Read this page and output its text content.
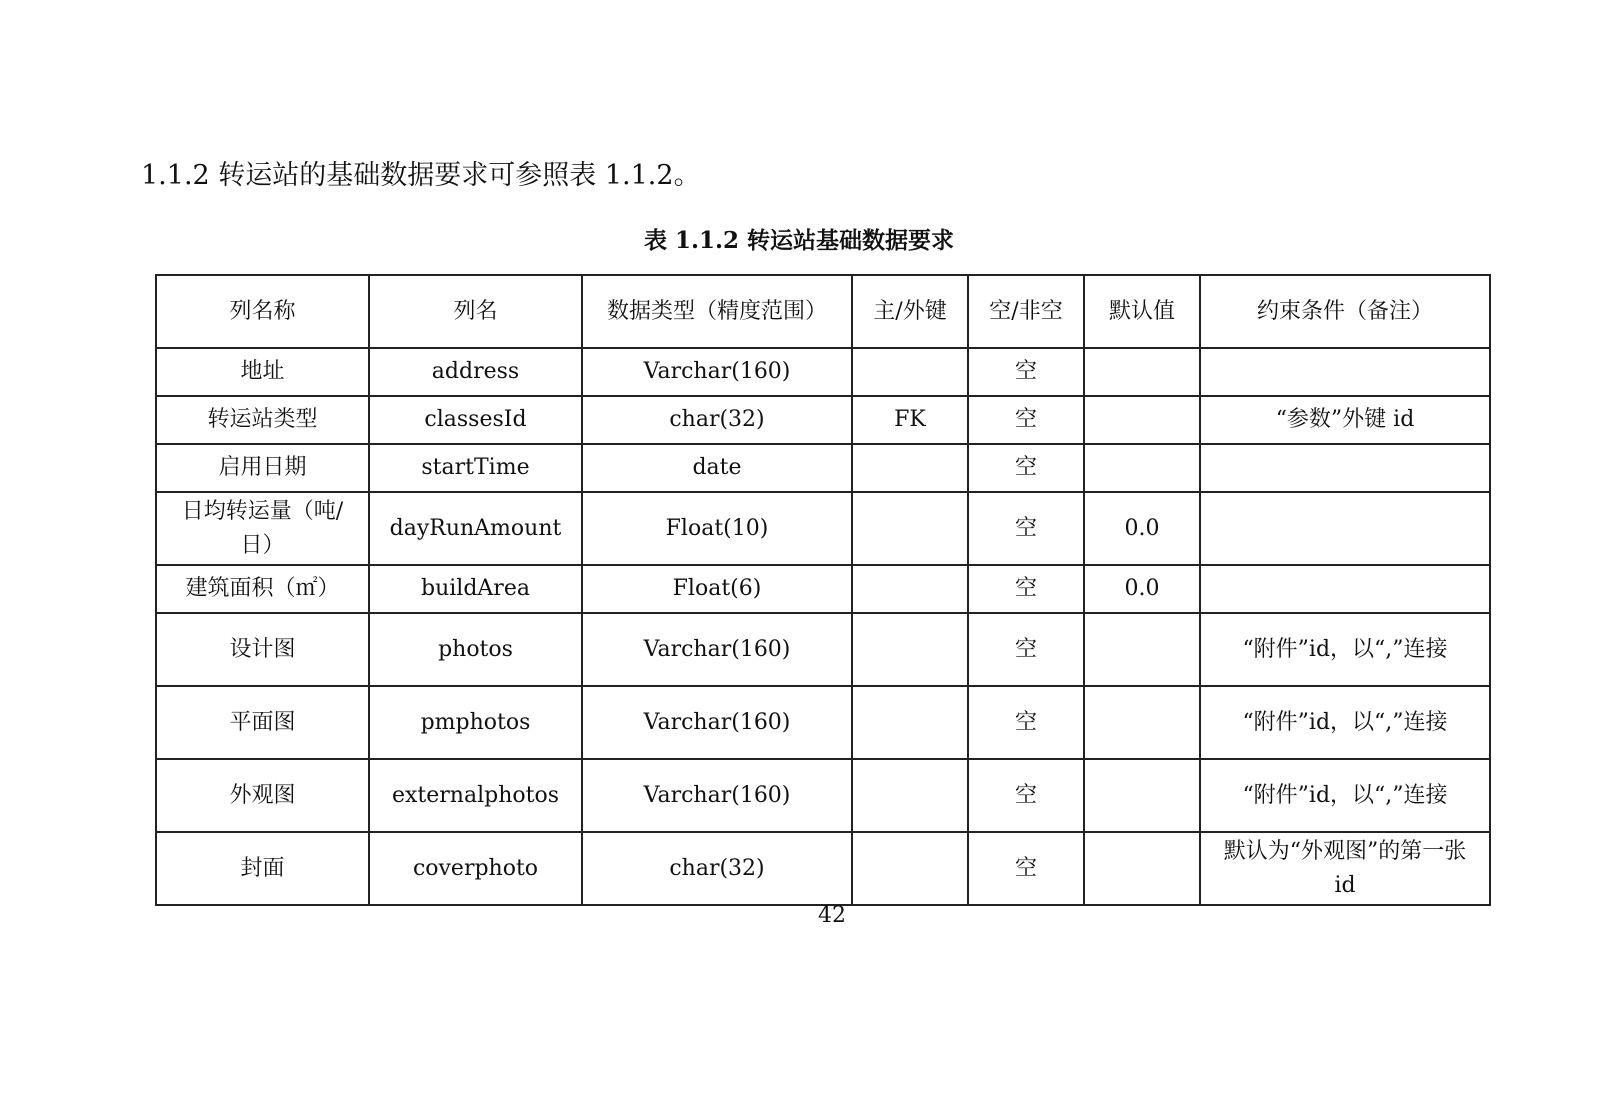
1.1.2 转运站的基础数据要求可参照表 1.1.2。
表 1.1.2 转运站基础数据要求
列名称	列名	数据类型（精度范围）	主/外键	空/非空	默认值	约束条件（备注）
地址	address	Varchar(160)		空		
转运站类型	classesId	char(32)	FK	空		“参数”外键 id
启用日期	startTime	date		空		
日均转运量（吨/日）	dayRunAmount	Float(10)		空	0.0	
建筑面积（㎡）	buildArea	Float(6)		空	0.0	
设计图	photos	Varchar(160)		空		“附件”id，以“,”连接
平面图	pmphotos	Varchar(160)		空		“附件”id，以“,”连接
外观图	externalphotos	Varchar(160)		空		“附件”id，以“,”连接
封面	coverphoto	char(32)		空		默认为“外观图”的第一张 id
42
